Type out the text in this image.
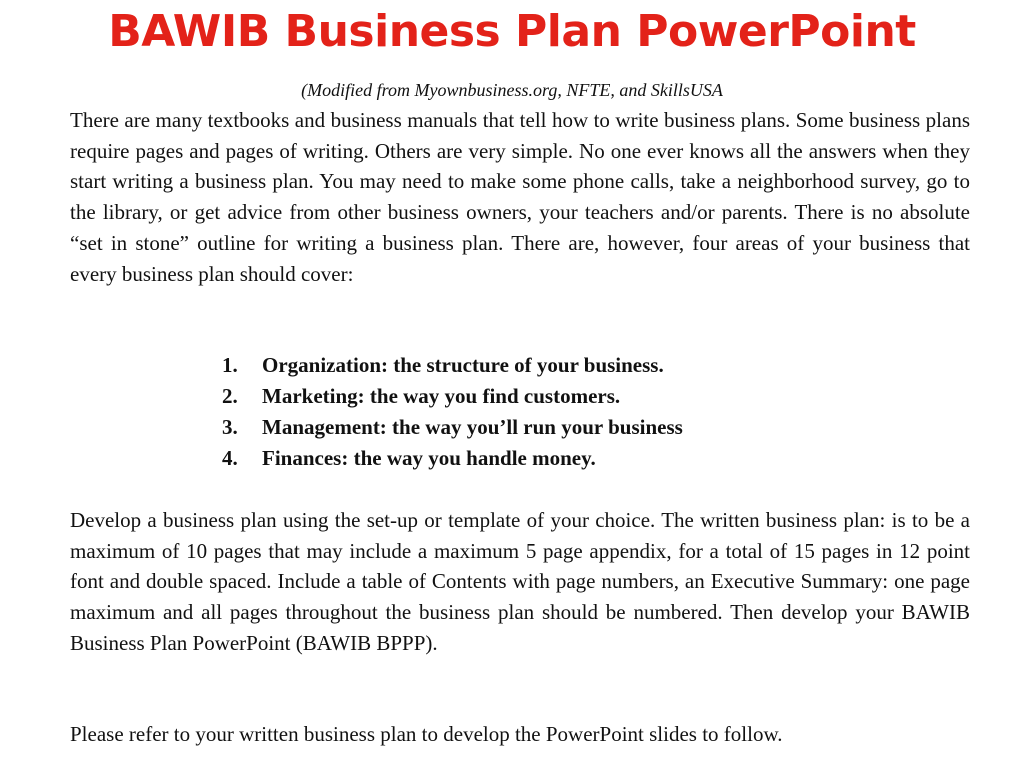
BAWIB Business Plan PowerPoint

(Modified from Myownbusiness.org, NFTE, and SkillsUSA

There are many textbooks and business manuals that tell how to write business plans. Some business plans require pages and pages of writing. Others are very simple. No one ever knows all the answers when they start writing a business plan. You may need to make some phone calls, take a neighborhood survey, go to the library, or get advice from other business owners, your teachers and/or parents. There is no absolute “set in stone” outline for writing a business plan. There are, however, four areas of your business that every business plan should cover:

1.	Organization: the structure of your business.
2.	Marketing: the way you find customers.
3.	Management: the way you’ll run your business
4.	Finances: the way you handle money.

Develop a business plan using the set-up or template of your choice. The written business plan: is to be a maximum of 10 pages that may include a maximum 5 page appendix, for a total of 15 pages in 12 point font and double spaced. Include a table of Contents with page numbers, an Executive Summary: one page maximum and all pages throughout the business plan should be numbered. Then develop your BAWIB Business Plan PowerPoint (BAWIB BPPP).

Please refer to your written business plan to develop the PowerPoint slides to follow.
